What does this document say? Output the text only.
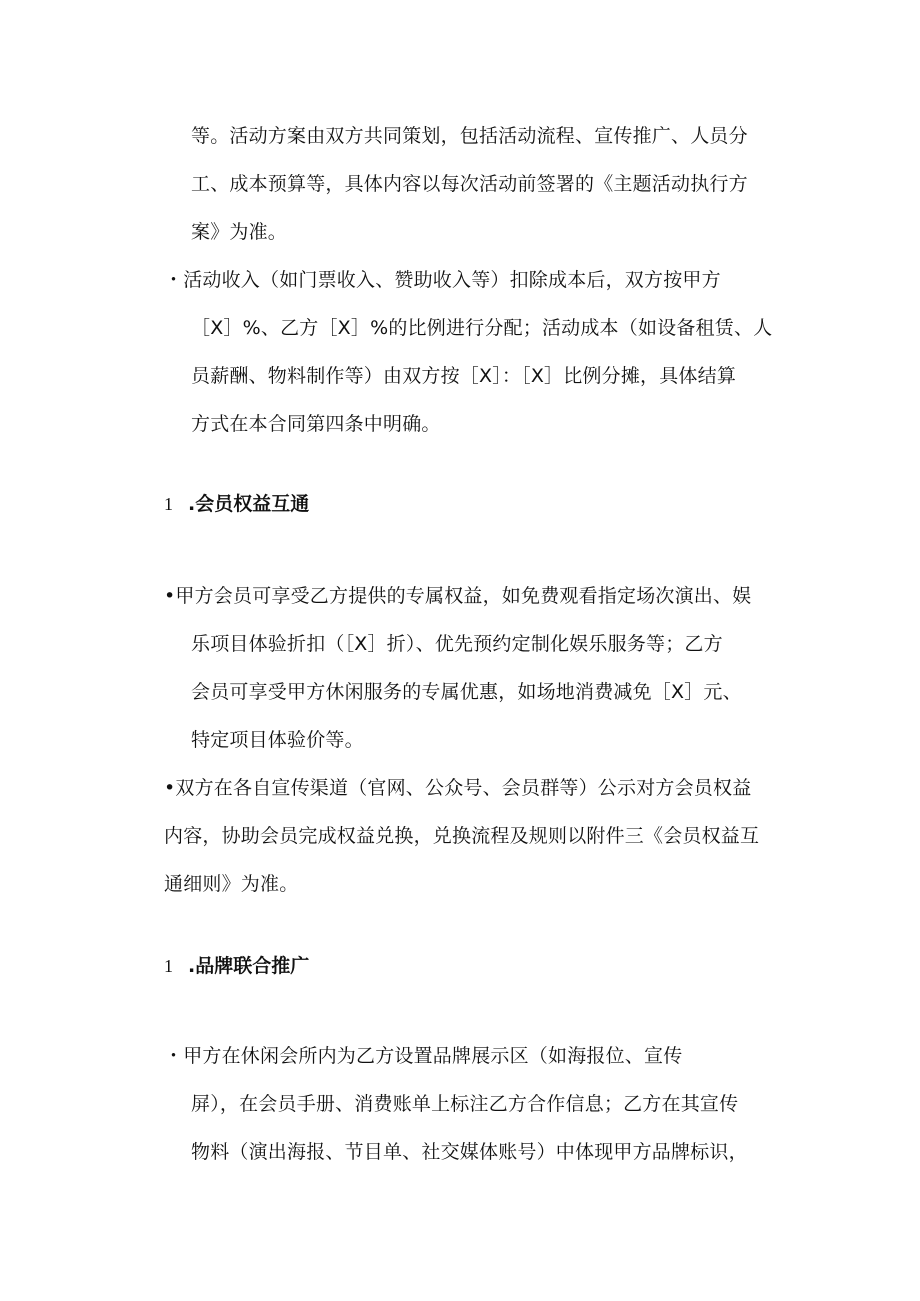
等。活动方案由双方共同策划，包括活动流程、宣传推广、人员分
工、成本预算等，具体内容以每次活动前签署的《主题活动执行方
案》为准。
・活动收入（如门票收入、赞助收入等）扣除成本后，双方按甲方
［X］%、乙方［X］%的比例进行分配；活动成本（如设备租赁、人
员薪酬、物料制作等）由双方按［X］：［X］比例分摊，具体结算
方式在本合同第四条中明确。
1 .会员权益互通
•甲方会员可享受乙方提供的专属权益，如免费观看指定场次演出、娱
乐项目体验折扣（［X］折）、优先预约定制化娱乐服务等；乙方
会员可享受甲方休闲服务的专属优惠，如场地消费减免［X］元、
特定项目体验价等。
•双方在各自宣传渠道（官网、公众号、会员群等）公示对方会员权益
内容，协助会员完成权益兑换，兑换流程及规则以附件三《会员权益互
通细则》为准。
1 .品牌联合推广
・甲方在休闲会所内为乙方设置品牌展示区（如海报位、宣传
屏），在会员手册、消费账单上标注乙方合作信息；乙方在其宣传
物料（演出海报、节目单、社交媒体账号）中体现甲方品牌标识，
